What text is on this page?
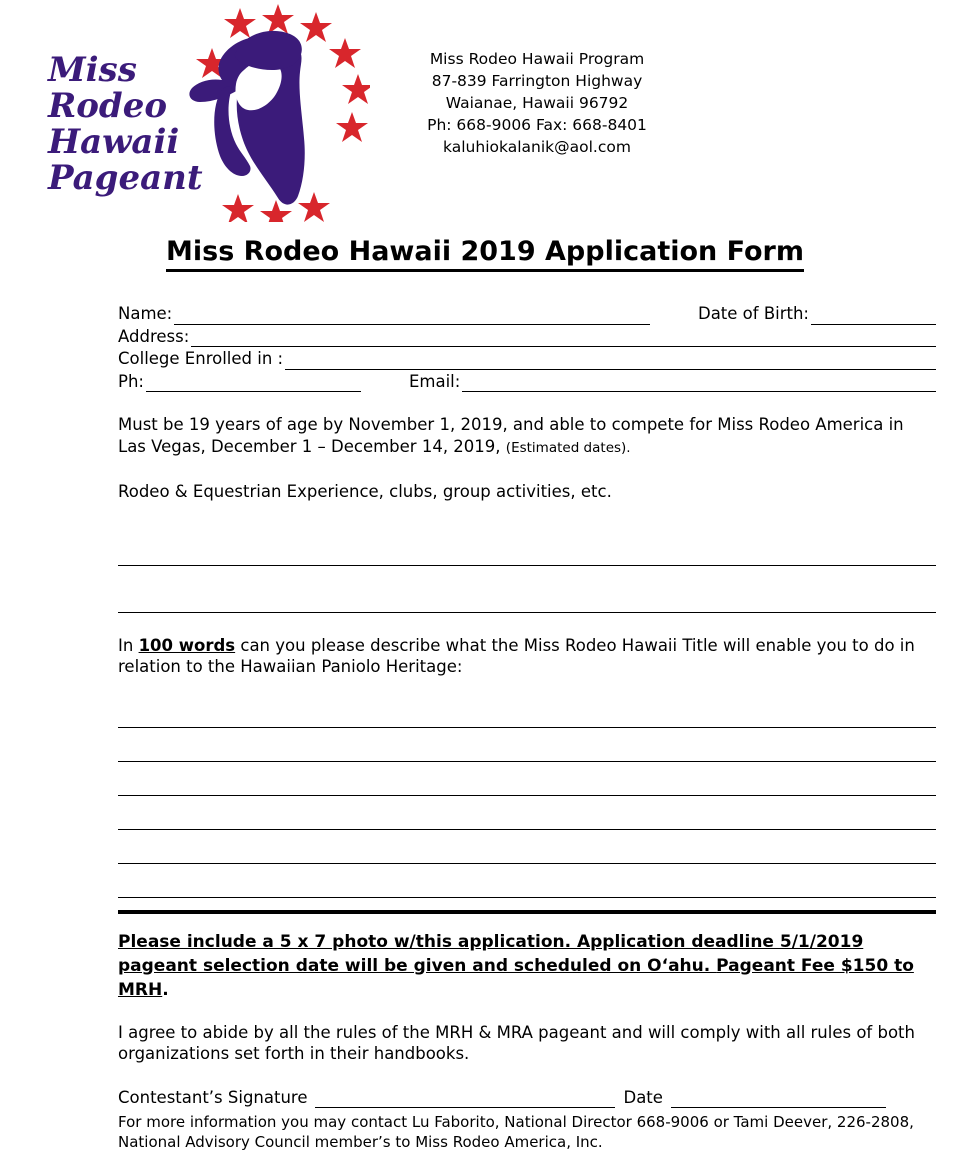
Miss
Rodeo
Hawaii
Pageant
Miss Rodeo Hawaii Program
87-839 Farrington Highway
Waianae, Hawaii 96792
Ph: 668-9006 Fax: 668-8401
kaluhiokalanik@aol.com
Miss Rodeo Hawaii 2019 Application Form
Name:	Date of Birth:
Address:
College Enrolled in :
Ph:	Email:
Must be 19 years of age by November 1, 2019, and able to compete for Miss Rodeo America in Las Vegas, December 1 – December 14, 2019, (Estimated dates).
Rodeo & Equestrian Experience, clubs, group activities, etc.
In 100 words can you please describe what the Miss Rodeo Hawaii Title will enable you to do in relation to the Hawaiian Paniolo Heritage:
Please include a 5 x 7 photo w/this application. Application deadline 5/1/2019 pageant selection date will be given and scheduled on O‘ahu. Pageant Fee $150 to MRH.
I agree to abide by all the rules of the MRH & MRA pageant and will comply with all rules of both organizations set forth in their handbooks.
Contestant’s Signature	Date
For more information you may contact Lu Faborito, National Director 668-9006 or Tami Deever, 226-2808, National Advisory Council member’s to Miss Rodeo America, Inc.
